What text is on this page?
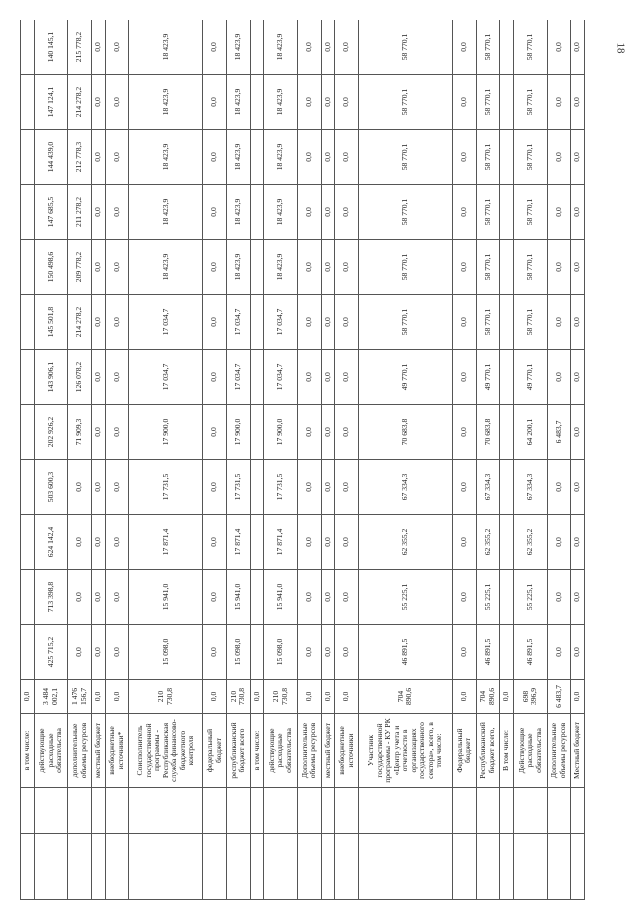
18
		в том числе:	0,0												
		действующие расходные обязательства	3 484 002,1	425 715,2	713 398,8	624 142,4	503 600,3	202 926,2	143 906,1	145 501,8	150 498,6	147 685,5	144 439,0	147 124,1	140 145,1
		дополнительные объемы ресурсов	1 476 156,7	0,0	0,0	0,0	0,0	71 909,3	126 078,2	214 278,2	209 778,2	211 278,2	212 778,3	214 278,2	215 778,2
		местный бюджет	0,0	0,0	0,0	0,0	0,0	0,0	0,0	0,0	0,0	0,0	0,0	0,0	0,0
		внебюджетные источники*	0,0	0,0	0,0	0,0	0,0	0,0	0,0	0,0	0,0	0,0	0,0	0,0	0,0
		Соисполнитель государственной программы - Республиканская служба финансово-бюджетного контроля	210 730,8	15 098,0	15 941,0	17 871,4	17 731,5	17 900,0	17 034,7	17 034,7	18 423,9	18 423,9	18 423,9	18 423,9	18 423,9
		федеральный бюджет	0,0	0,0	0,0	0,0	0,0	0,0	0,0	0,0	0,0	0,0	0,0	0,0	0,0
		республиканский бюджет всего	210 730,8	15 098,0	15 941,0	17 871,4	17 731,5	17 900,0	17 034,7	17 034,7	18 423,9	18 423,9	18 423,9	18 423,9	18 423,9
		в том числе:	0,0												
		действующие расходные обязательства	210 730,8	15 098,0	15 941,0	17 871,4	17 731,5	17 900,0	17 034,7	17 034,7	18 423,9	18 423,9	18 423,9	18 423,9	18 423,9
		Дополнительные объемы ресурсов	0,0	0,0	0,0	0,0	0,0	0,0	0,0	0,0	0,0	0,0	0,0	0,0	0,0
		местный бюджет	0,0	0,0	0,0	0,0	0,0	0,0	0,0	0,0	0,0	0,0	0,0	0,0	0,0
		внебюджетные источники	0,0	0,0	0,0	0,0	0,0	0,0	0,0	0,0	0,0	0,0	0,0	0,0	0,0
		Участник государственной программы - КУ РК «Центр учета и отчетности в организациях государственного сектора», всего, в том числе:	704 890,6	46 891,5	55 225,1	62 355,2	67 334,3	70 683,8	49 770,1	58 770,1	58 770,1	58 770,1	58 770,1	58 770,1	58 770,1
		Федеральный бюджет	0,0	0,0	0,0	0,0	0,0	0,0	0,0	0,0	0,0	0,0	0,0	0,0	0,0
		Республиканский бюджет всего,	704 890,6	46 891,5	55 225,1	62 355,2	67 334,3	70 683,8	49 770,1	58 770,1	58 770,1	58 770,1	58 770,1	58 770,1	58 770,1
		В том числе:	0,0												
		Действующие расходные обязательства	698 396,9	46 891,5	55 225,1	62 355,2	67 334,3	64 200,1	49 770,1	58 770,1	58 770,1	58 770,1	58 770,1	58 770,1	58 770,1
		Дополнительные объемы ресурсов	6 483,7	0,0	0,0	0,0	0,0	6 483,7	0,0	0,0	0,0	0,0	0,0	0,0	0,0
		Местный бюджет	0,0	0,0	0,0	0,0	0,0	0,0	0,0	0,0	0,0	0,0	0,0	0,0	0,0
